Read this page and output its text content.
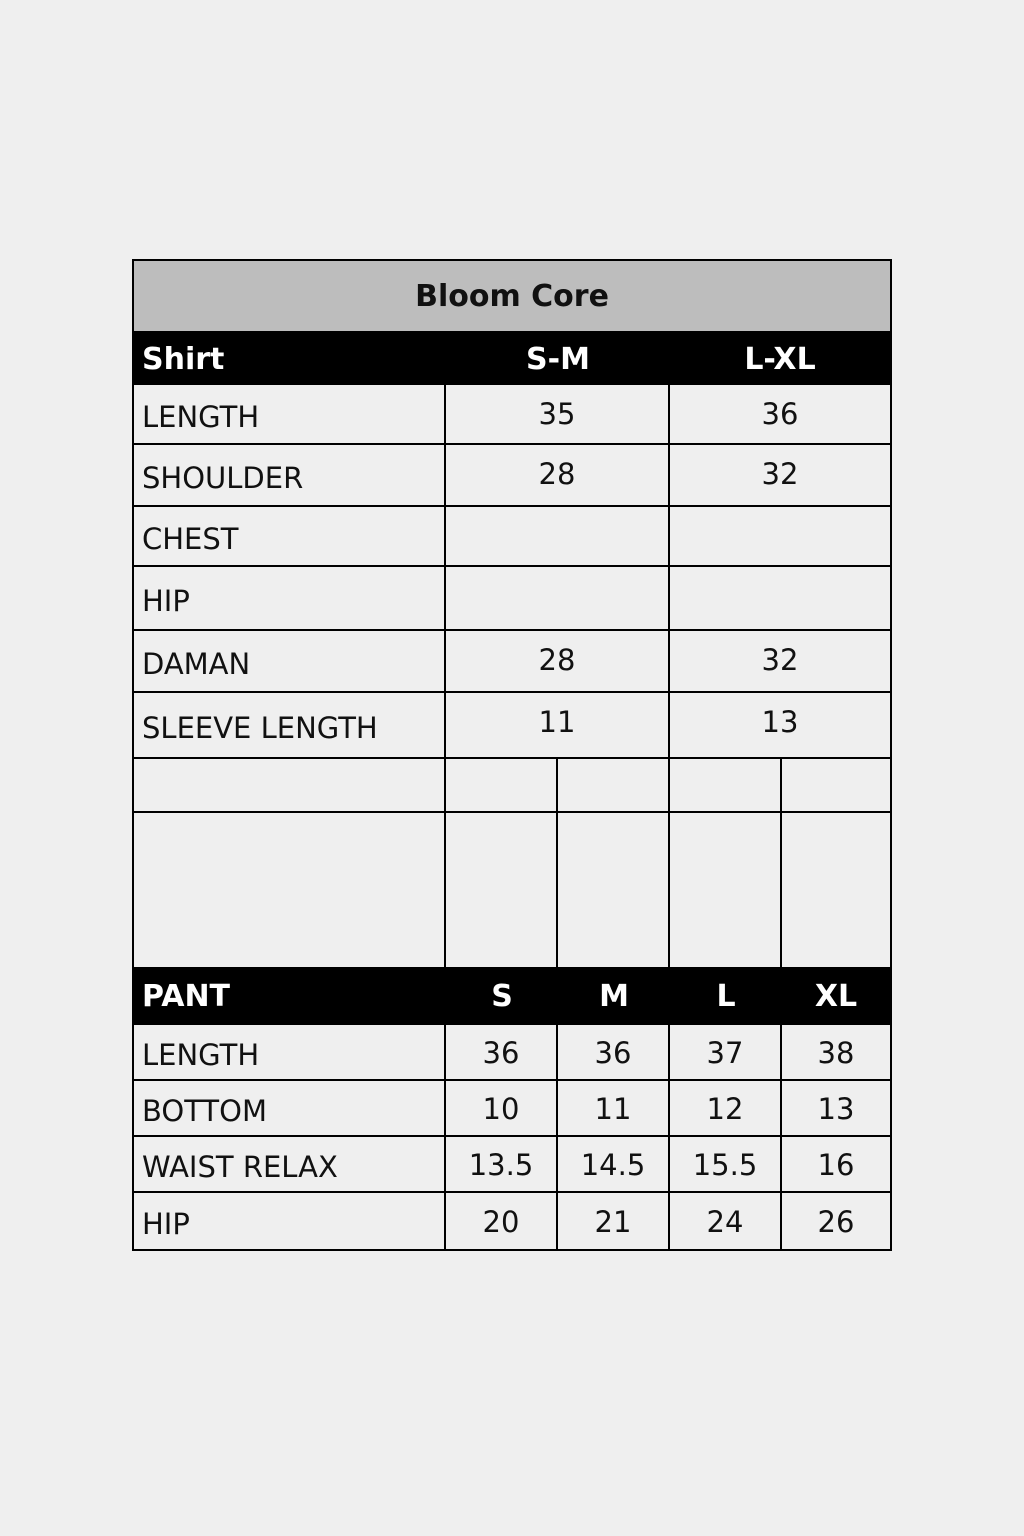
Bloom Core
Shirt	S-M	L-XL
LENGTH	35	36
SHOULDER	28	32
CHEST
HIP
DAMAN	28	32
SLEEVE LENGTH	11	13
PANT	S	M	L	XL
LENGTH	36	36	37	38
BOTTOM	10	11	12	13
WAIST RELAX	13.5	14.5	15.5	16
HIP	20	21	24	26
